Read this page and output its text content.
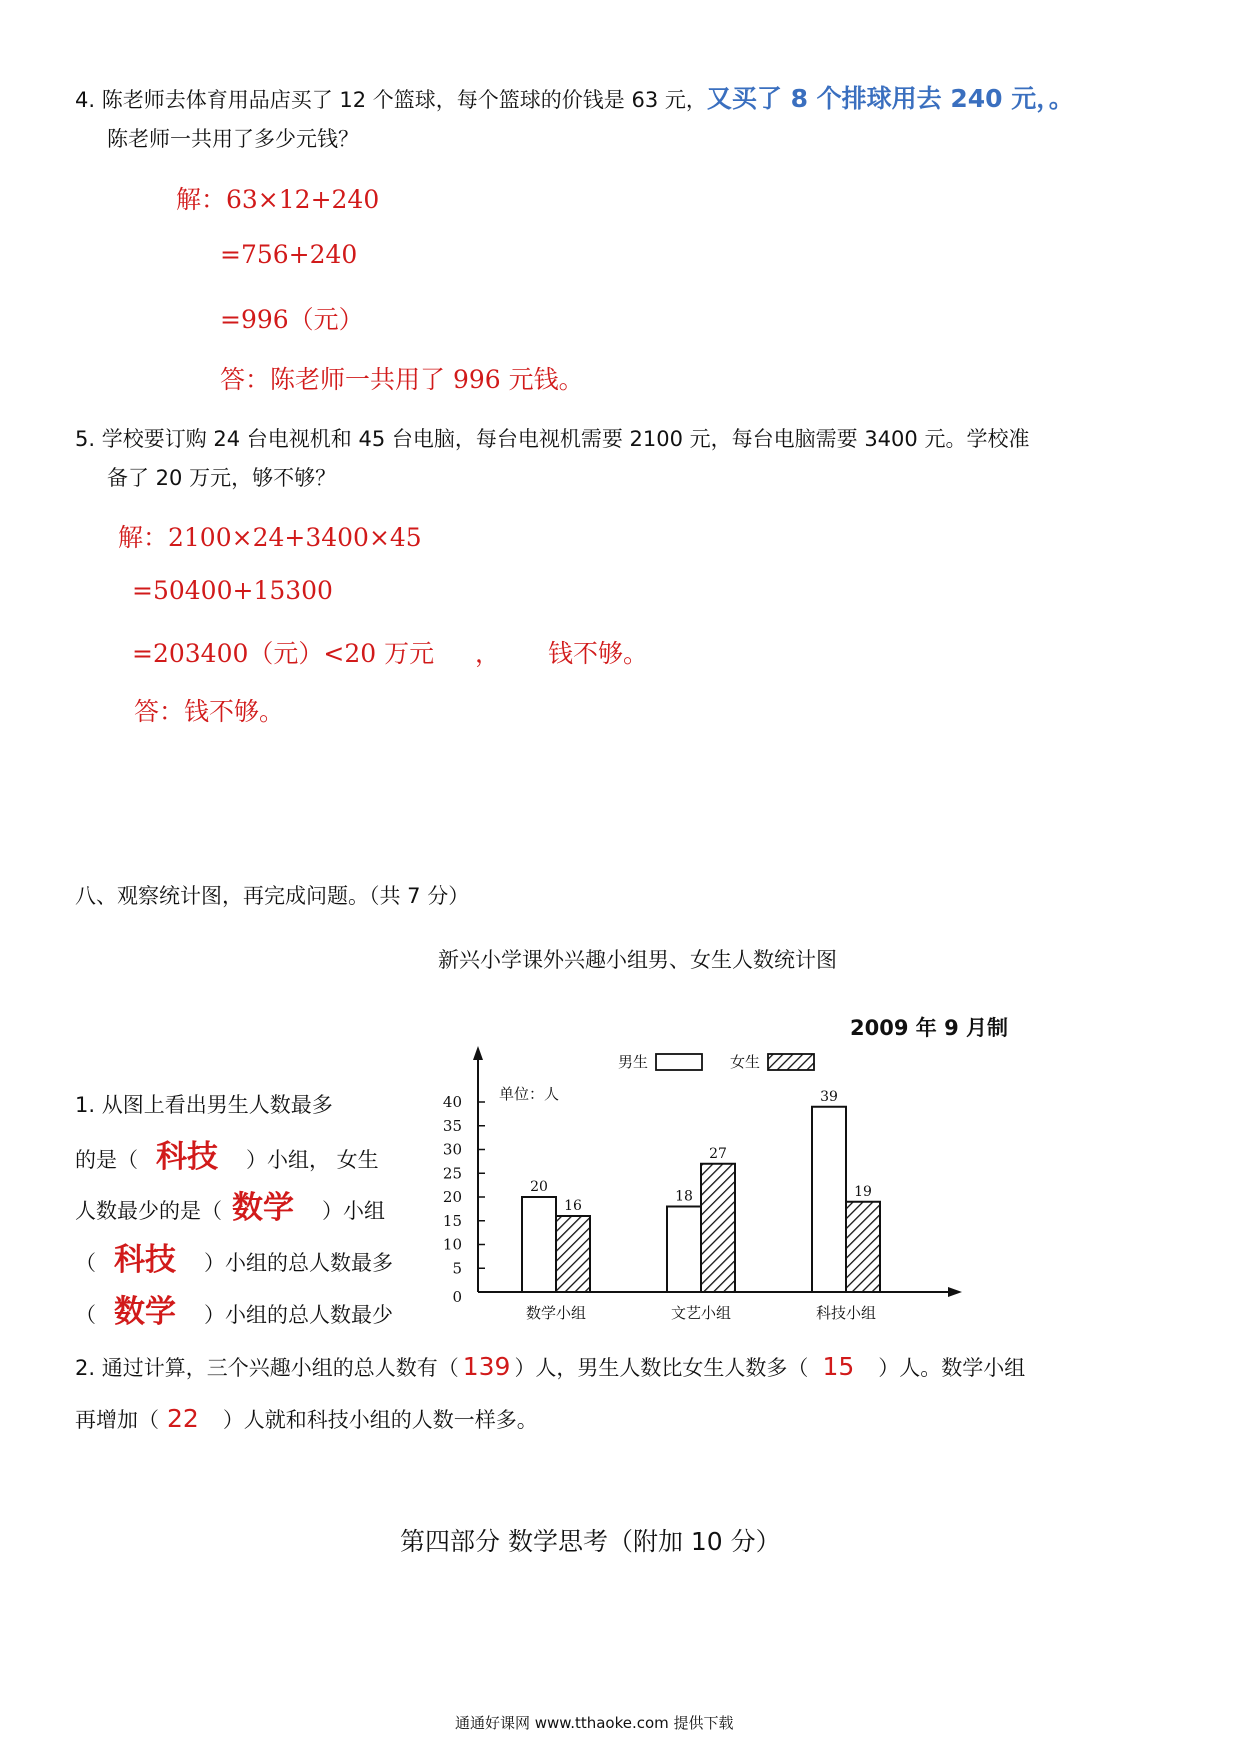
4. 陈老师去体育用品店买了 12 个篮球，每个篮球的价钱是 63 元，又买了 8 个排球用去 240 元，。
陈老师一共用了多少元钱？
解：63×12+240
=756+240
=996（元）
答：陈老师一共用了 996 元钱。
5. 学校要订购 24 台电视机和 45 台电脑，每台电视机需要 2100 元，每台电脑需要 3400 元。学校准
备了 20 万元，够不够？
解：2100×24+3400×45
=50400+15300
=203400（元）<20 万元 ， 钱不够。
答：钱不够。
八、观察统计图，再完成问题。（共 7 分）
新兴小学课外兴趣小组男、女生人数统计图
2009 年 9 月制
男生	女生
0
5
10
15
20
25
30
35
40
20
16
18
27
39
19
数学小组	文艺小组	科技小组
单位：人
1. 从图上看出男生人数最多
的是（ 科技 ）小组， 女生
人数最少的是（ 数学 ）小组
（ 科技 ）小组的总人数最多
（ 数学 ）小组的总人数最少
2. 通过计算，三个兴趣小组的总人数有（ 139 ）人，男生人数比女生人数多（ 15 ）人。数学小组
再增加（ 22 ）人就和科技小组的人数一样多。
第四部分 数学思考（附加 10 分）
通通好课网 www.tthaoke.com 提供下载
